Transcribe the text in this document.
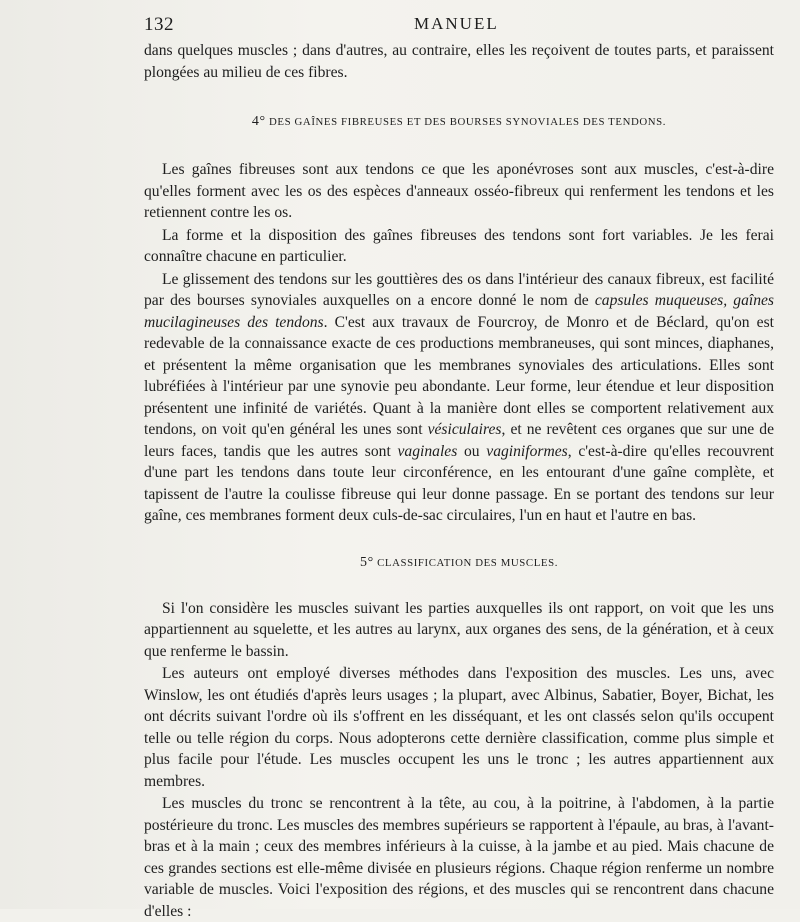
132	MANUEL

dans quelques muscles ; dans d'autres, au contraire, elles les reçoivent de toutes parts, et paraissent plongées au milieu de ces fibres.

4° DES GAÎNES FIBREUSES ET DES BOURSES SYNOVIALES DES TENDONS.

Les gaînes fibreuses sont aux tendons ce que les aponévroses sont aux muscles, c'est-à-dire qu'elles forment avec les os des espèces d'anneaux osséo-fibreux qui renferment les tendons et les retiennent contre les os.

La forme et la disposition des gaînes fibreuses des tendons sont fort variables. Je les ferai connaître chacune en particulier.

Le glissement des tendons sur les gouttières des os dans l'intérieur des canaux fibreux, est facilité par des bourses synoviales auxquelles on a encore donné le nom de capsules muqueuses, gaînes mucilagineuses des tendons. C'est aux travaux de Fourcroy, de Monro et de Béclard, qu'on est redevable de la connaissance exacte de ces productions membraneuses, qui sont minces, diaphanes, et présentent la même organisation que les membranes synoviales des articulations. Elles sont lubréfiées à l'intérieur par une synovie peu abondante. Leur forme, leur étendue et leur disposition présentent une infinité de variétés. Quant à la manière dont elles se comportent relativement aux tendons, on voit qu'en général les unes sont vésiculaires, et ne revêtent ces organes que sur une de leurs faces, tandis que les autres sont vaginales ou vaginiformes, c'est-à-dire qu'elles recouvrent d'une part les tendons dans toute leur circonférence, en les entourant d'une gaîne complète, et tapissent de l'autre la coulisse fibreuse qui leur donne passage. En se portant des tendons sur leur gaîne, ces membranes forment deux culs-de-sac circulaires, l'un en haut et l'autre en bas.

5° CLASSIFICATION DES MUSCLES.

Si l'on considère les muscles suivant les parties auxquelles ils ont rapport, on voit que les uns appartiennent au squelette, et les autres au larynx, aux organes des sens, de la génération, et à ceux que renferme le bassin.

Les auteurs ont employé diverses méthodes dans l'exposition des muscles. Les uns, avec Winslow, les ont étudiés d'après leurs usages ; la plupart, avec Albinus, Sabatier, Boyer, Bichat, les ont décrits suivant l'ordre où ils s'offrent en les disséquant, et les ont classés selon qu'ils occupent telle ou telle région du corps. Nous adopterons cette dernière classification, comme plus simple et plus facile pour l'étude. Les muscles occupent les uns le tronc ; les autres appartiennent aux membres.

Les muscles du tronc se rencontrent à la tête, au cou, à la poitrine, à l'abdomen, à la partie postérieure du tronc. Les muscles des membres supérieurs se rapportent à l'épaule, au bras, à l'avant-bras et à la main ; ceux des membres inférieurs à la cuisse, à la jambe et au pied. Mais chacune de ces grandes sections est elle-même divisée en plusieurs régions. Chaque région renferme un nombre variable de muscles. Voici l'exposition des régions, et des muscles qui se rencontrent dans chacune d'elles :
